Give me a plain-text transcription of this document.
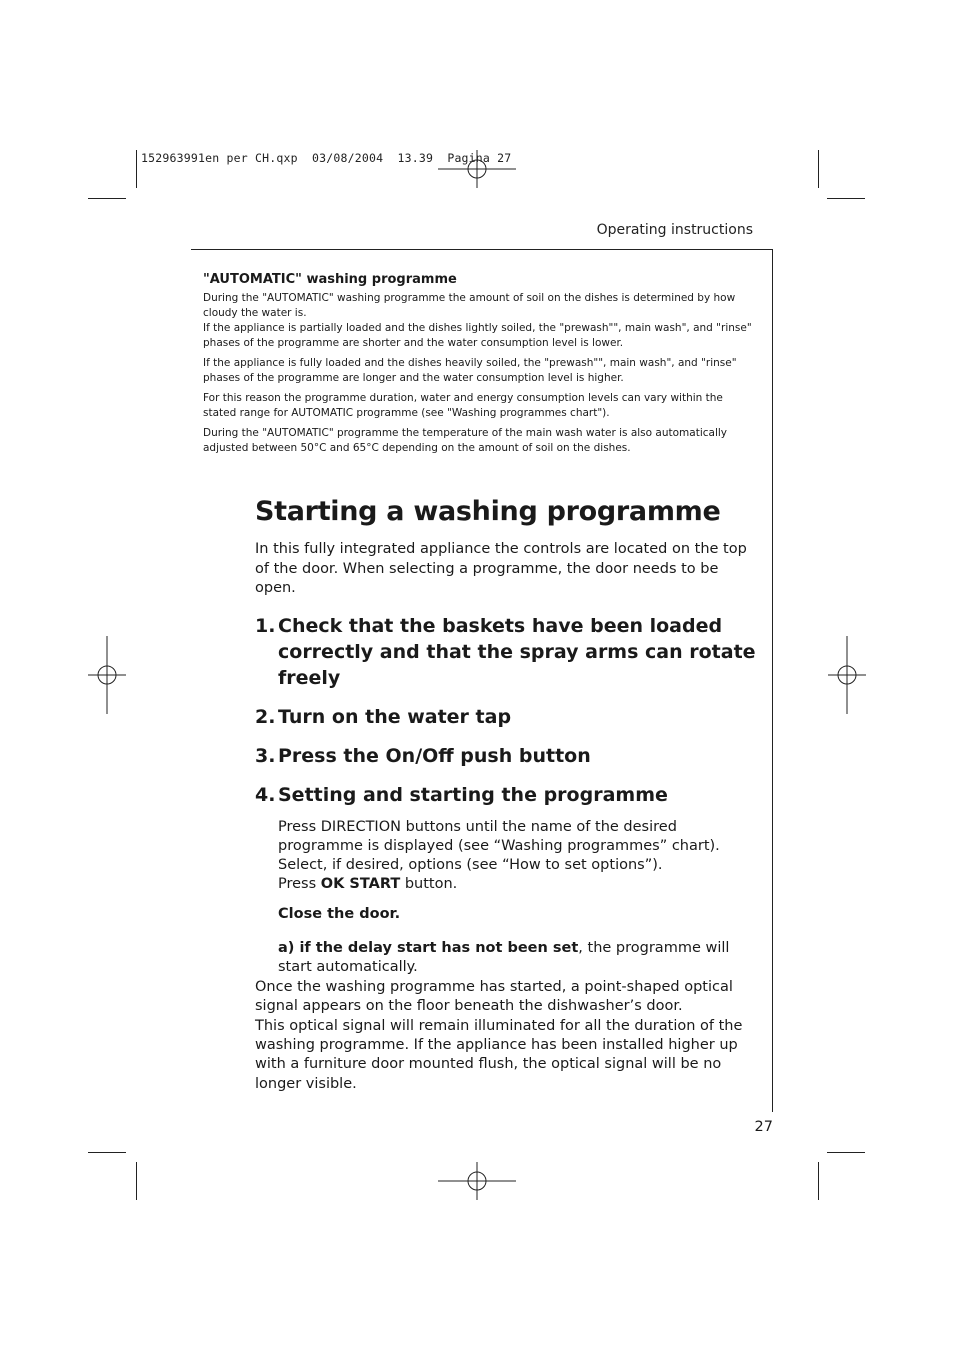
152963991en per CH.qxp  03/08/2004  13.39  Pagina 27
Operating instructions
"AUTOMATIC" washing programme

During the "AUTOMATIC" washing programme the amount of soil on the dishes is determined by how cloudy the water is.

If the appliance is partially loaded and the dishes lightly soiled, the "prewash"", main wash", and "rinse" phases of the programme are shorter and the water consumption level is lower.

If the appliance is fully loaded and the dishes heavily soiled, the "prewash"", main wash", and "rinse" phases of the programme are longer and the water consumption level is higher.

For this reason the programme duration, water and energy consumption levels can vary within the stated range for AUTOMATIC programme (see "Washing programmes chart").

During the "AUTOMATIC" programme the temperature of the main wash water is also automatically adjusted between 50°C and 65°C depending on the amount of soil on the dishes.

Starting a washing programme

In this fully integrated appliance the controls are located on the top of the door. When selecting a programme, the door needs to be open.

1. Check that the baskets have been loaded correctly and that the spray arms can rotate freely
2. Turn on the water tap
3. Press the On/Off push button
4. Setting and starting the programme

Press DIRECTION buttons until the name of the desired programme is displayed (see “Washing programmes” chart).

Select, if desired, options (see “How to set options”).

Press OK START button.

Close the door.
a) if the delay start has not been set, the programme will start automatically.

Once the washing programme has started, a point-shaped optical signal appears on the floor beneath the dishwasher’s door.

This optical signal will remain illuminated for all the duration of the washing programme. If the appliance has been installed higher up with a furniture door mounted flush, the optical signal will be no longer visible.

27
